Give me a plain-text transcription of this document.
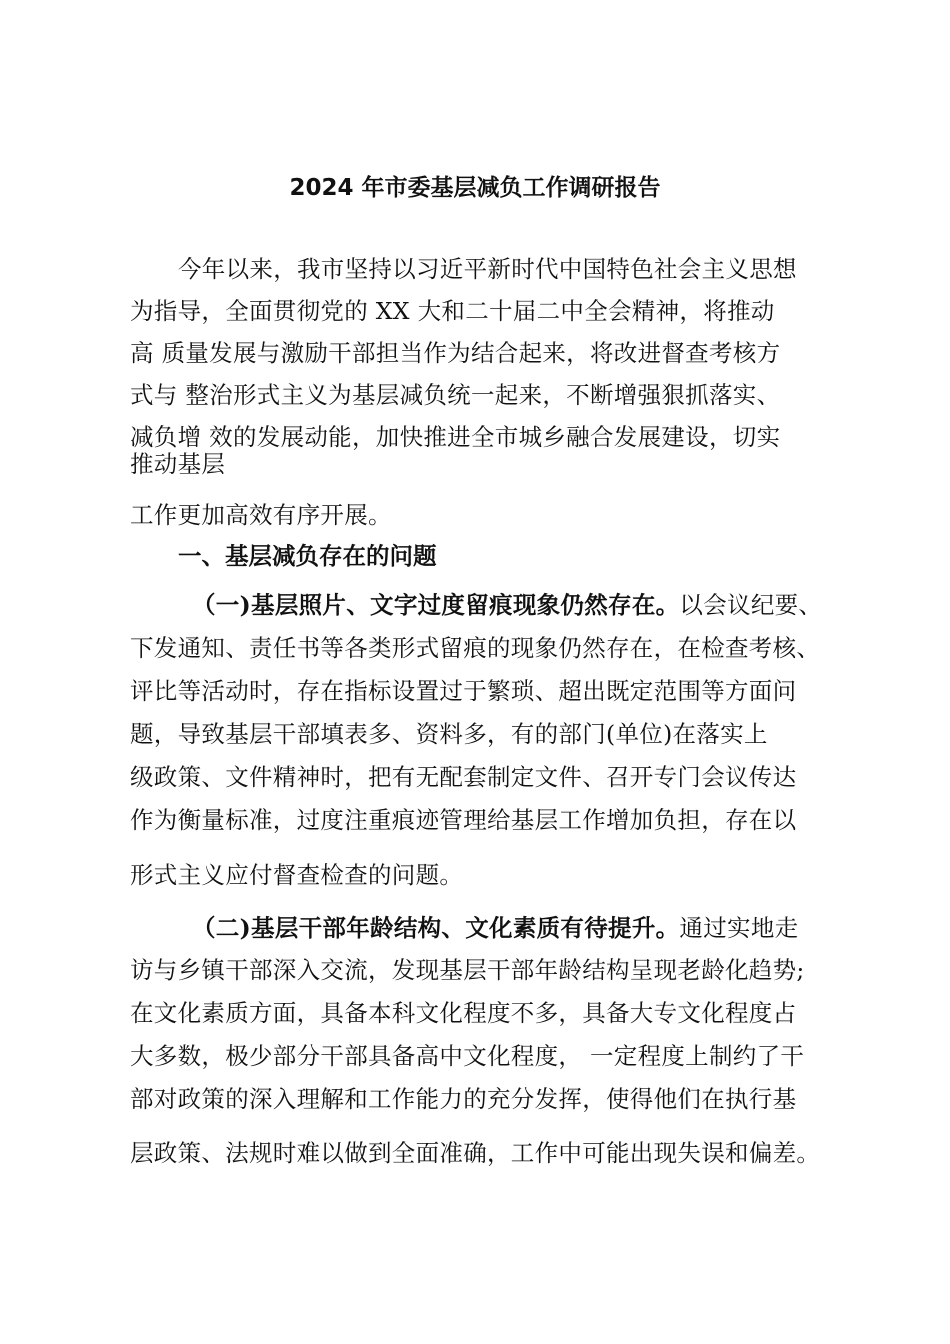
2024 年市委基层减负工作调研报告
今年以来，我市坚持以习近平新时代中国特色社会主义思想
为指导，全面贯彻党的 XX 大和二十届二中全会精神，将推动
高 质量发展与激励干部担当作为结合起来，将改进督查考核方
式与 整治形式主义为基层减负统一起来，不断增强狠抓落实、
减负增 效的发展动能，加快推进全市城乡融合发展建设，切实
推动基层
工作更加高效有序开展。
一、基层减负存在的问题
（一)基层照片、文字过度留痕现象仍然存在。以会议纪要、
下发通知、责任书等各类形式留痕的现象仍然存在，在检查考核、
评比等活动时，存在指标设置过于繁琐、超出既定范围等方面问
题，导致基层干部填表多、资料多，有的部门(单位)在落实上
级政策、文件精神时，把有无配套制定文件、召开专门会议传达
作为衡量标准，过度注重痕迹管理给基层工作增加负担，存在以
形式主义应付督查检查的问题。
（二)基层干部年龄结构、文化素质有待提升。通过实地走
访与乡镇干部深入交流，发现基层干部年龄结构呈现老龄化趋势;
在文化素质方面，具备本科文化程度不多，具备大专文化程度占
大多数，极少部分干部具备高中文化程度， 一定程度上制约了干
部对政策的深入理解和工作能力的充分发挥，使得他们在执行基
层政策、法规时难以做到全面准确，工作中可能出现失误和偏差。
